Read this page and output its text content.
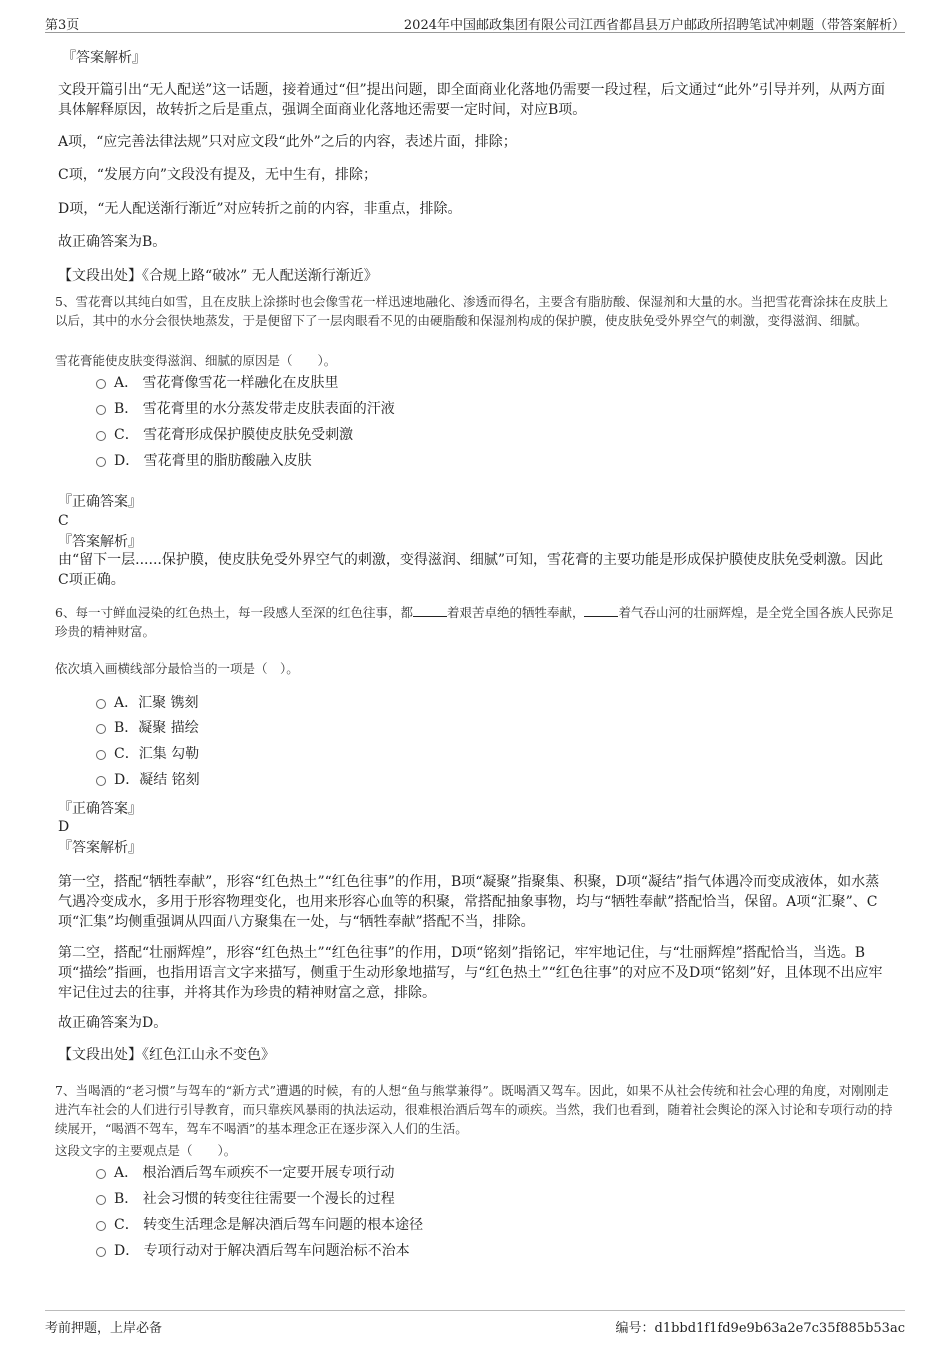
第3页	2024年中国邮政集团有限公司江西省都昌县万户邮政所招聘笔试冲刺题（带答案解析）
『答案解析』
文段开篇引出“无人配送”这一话题，接着通过“但”提出问题，即全面商业化落地仍需要一段过程，后文通过“此外”引导并列，从两方面具体解释原因，故转折之后是重点，强调全面商业化落地还需要一定时间，对应B项。
A项，“应完善法律法规”只对应文段“此外”之后的内容，表述片面，排除；
C项，“发展方向”文段没有提及，无中生有，排除；
D项，“无人配送渐行渐近”对应转折之前的内容，非重点，排除。
故正确答案为B。
【文段出处】《合规上路“破冰” 无人配送渐行渐近》
5、雪花膏以其纯白如雪，且在皮肤上涂搽时也会像雪花一样迅速地融化、渗透而得名，主要含有脂肪酸、保湿剂和大量的水。当把雪花膏涂抹在皮肤上以后，其中的水分会很快地蒸发，于是便留下了一层肉眼看不见的由硬脂酸和保湿剂构成的保护膜，使皮肤免受外界空气的刺激，变得滋润、细腻。
雪花膏能使皮肤变得滋润、细腻的原因是（　　）。
A． 雪花膏像雪花一样融化在皮肤里
B． 雪花膏里的水分蒸发带走皮肤表面的汗液
C． 雪花膏形成保护膜使皮肤免受刺激
D． 雪花膏里的脂肪酸融入皮肤
『正确答案』
C
『答案解析』
由“留下一层......保护膜，使皮肤免受外界空气的刺激，变得滋润、细腻”可知，雪花膏的主要功能是形成保护膜使皮肤免受刺激。因此C项正确。
6、每一寸鲜血浸染的红色热土，每一段感人至深的红色往事，都	着艰苦卓绝的牺牲奉献，	着气吞山河的壮丽辉煌，是全党全国各族人民弥足珍贵的精神财富。
依次填入画横线部分最恰当的一项是（　）。
A．汇聚 镌刻
B．凝聚 描绘
C．汇集 勾勒
D．凝结 铭刻
『正确答案』
D
『答案解析』
第一空，搭配“牺牲奉献”，形容“红色热土”“红色往事”的作用，B项“凝聚”指聚集、积聚，D项“凝结”指气体遇冷而变成液体，如水蒸气遇冷变成水，多用于形容物理变化，也用来形容心血等的积聚，常搭配抽象事物，均与“牺牲奉献”搭配恰当，保留。A项“汇聚”、C项“汇集”均侧重强调从四面八方聚集在一处，与“牺牲奉献”搭配不当，排除。
第二空，搭配“壮丽辉煌”，形容“红色热土”“红色往事”的作用，D项“铭刻”指铭记，牢牢地记住，与“壮丽辉煌”搭配恰当，当选。B项“描绘”指画，也指用语言文字来描写，侧重于生动形象地描写，与“红色热土”“红色往事”的对应不及D项“铭刻”好，且体现不出应牢牢记住过去的往事，并将其作为珍贵的精神财富之意，排除。
故正确答案为D。
【文段出处】《红色江山永不变色》
7、当喝酒的“老习惯”与驾车的“新方式”遭遇的时候，有的人想“鱼与熊掌兼得”。既喝酒又驾车。因此，如果不从社会传统和社会心理的角度，对刚刚走进汽车社会的人们进行引导教育，而只靠疾风暴雨的执法运动，很难根治酒后驾车的顽疾。当然，我们也看到，随着社会舆论的深入讨论和专项行动的持续展开，“喝酒不驾车，驾车不喝酒”的基本理念正在逐步深入人们的生活。
这段文字的主要观点是（　　）。
A． 根治酒后驾车顽疾不一定要开展专项行动
B． 社会习惯的转变往往需要一个漫长的过程
C． 转变生活理念是解决酒后驾车问题的根本途径
D． 专项行动对于解决酒后驾车问题治标不治本
考前押题，上岸必备	编号：d1bbd1f1fd9e9b63a2e7c35f885b53ac
